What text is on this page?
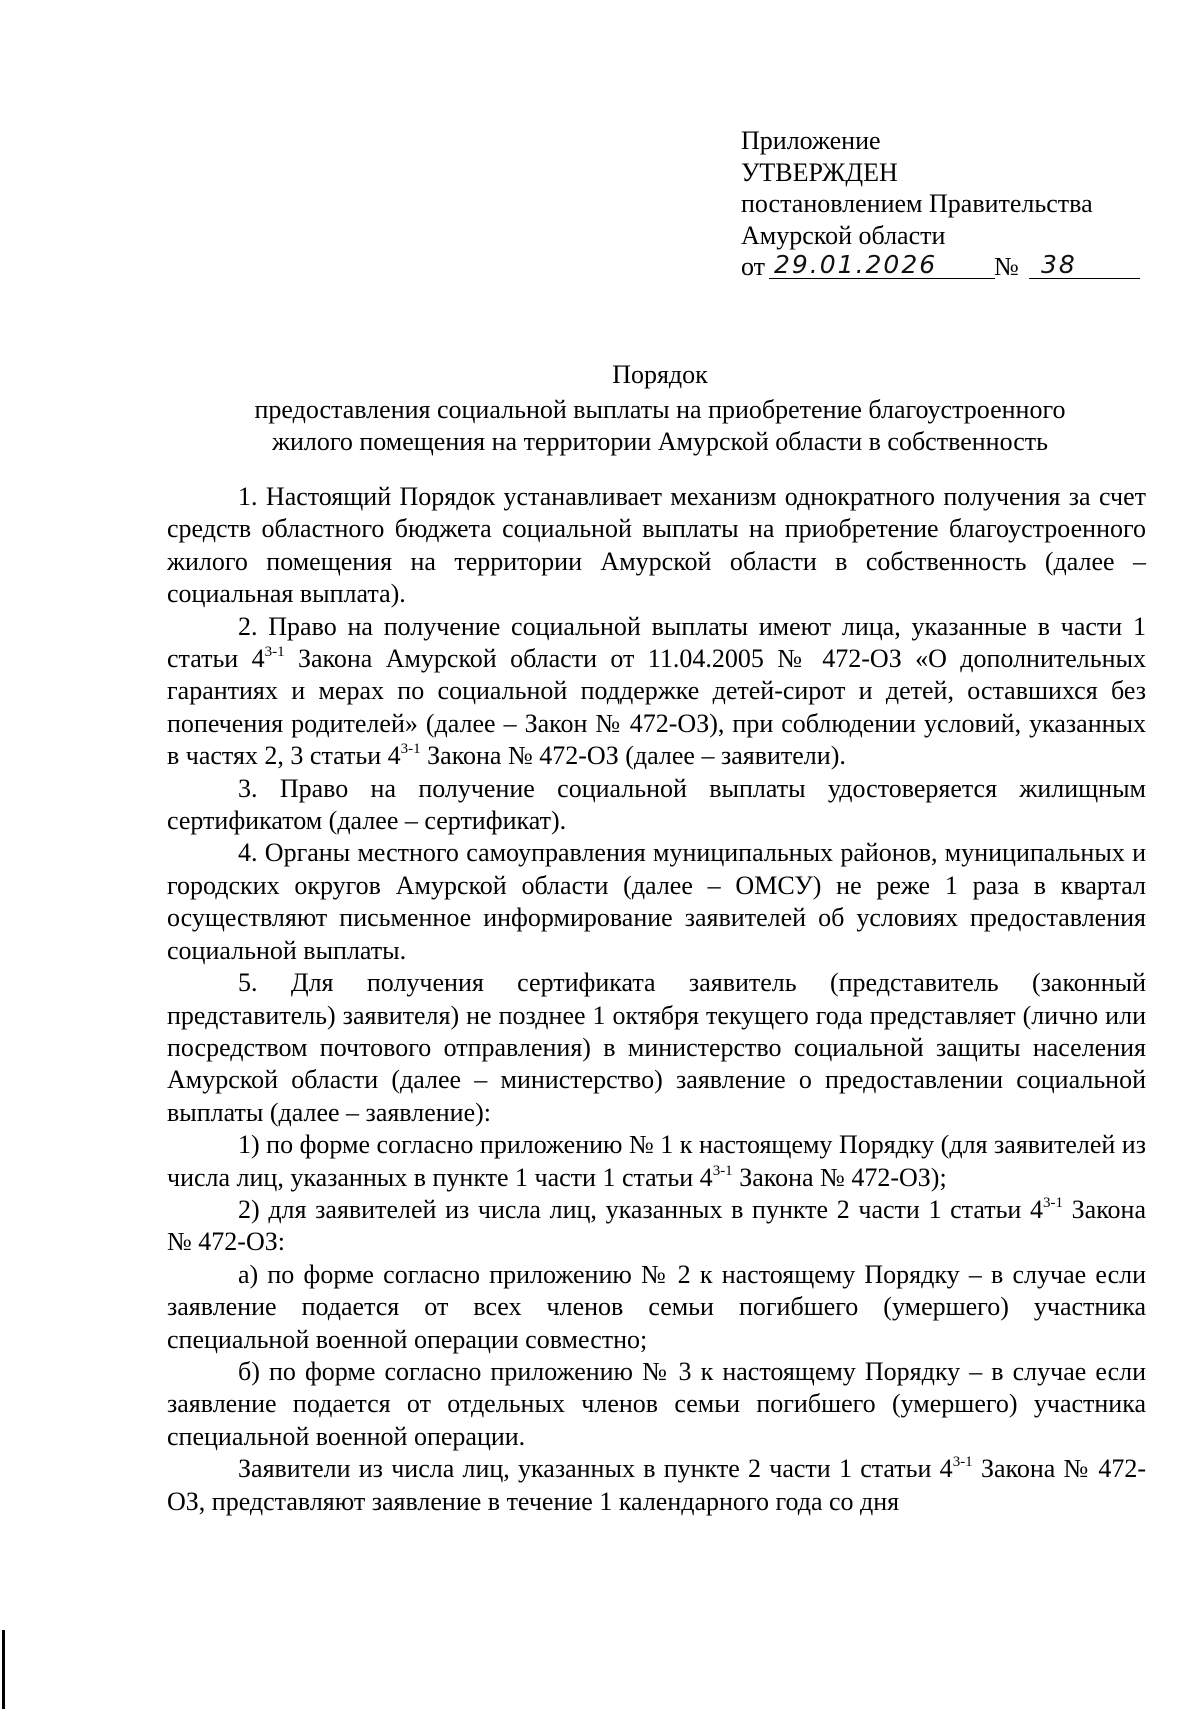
Приложение
УТВЕРЖДЕН
постановлением Правительства
Амурской области
от 29.01.2026 № 38
Порядок
предоставления социальной выплаты на приобретение благоустроенного
жилого помещения на территории Амурской области в собственность

1. Настоящий Порядок устанавливает механизм однократного получения за счет средств областного бюджета социальной выплаты на приобретение благоустроенного жилого помещения на территории Амурской области в собственность (далее – социальная выплата).

2. Право на получение социальной выплаты имеют лица, указанные в части 1 статьи 4$^{3-1}$ Закона Амурской области от 11.04.2005 № 472-ОЗ «О дополнительных гарантиях и мерах по социальной поддержке детей-сирот и детей, оставшихся без попечения родителей» (далее – Закон № 472-ОЗ), при соблюдении условий, указанных в частях 2, 3 статьи 4$^{3-1}$ Закона № 472-ОЗ (далее – заявители).

3. Право на получение социальной выплаты удостоверяется жилищным сертификатом (далее – сертификат).

4. Органы местного самоуправления муниципальных районов, муниципальных и городских округов Амурской области (далее – ОМСУ) не реже 1 раза в квартал осуществляют письменное информирование заявителей об условиях предоставления социальной выплаты.

5. Для получения сертификата заявитель (представитель (законный представитель) заявителя) не позднее 1 октября текущего года представляет (лично или посредством почтового отправления) в министерство социальной защиты населения Амурской области (далее – министерство) заявление о предоставлении социальной выплаты (далее – заявление):

1) по форме согласно приложению № 1 к настоящему Порядку (для заявителей из числа лиц, указанных в пункте 1 части 1 статьи 4$^{3-1}$ Закона № 472-ОЗ);

2) для заявителей из числа лиц, указанных в пункте 2 части 1 статьи 4$^{3-1}$ Закона № 472-ОЗ:

а) по форме согласно приложению № 2 к настоящему Порядку – в случае если заявление подается от всех членов семьи погибшего (умершего) участника специальной военной операции совместно;

б) по форме согласно приложению № 3 к настоящему Порядку – в случае если заявление подается от отдельных членов семьи погибшего (умершего) участника специальной военной операции.

Заявители из числа лиц, указанных в пункте 2 части 1 статьи 4$^{3-1}$ Закона № 472-ОЗ, представляют заявление в течение 1 календарного года со дня
